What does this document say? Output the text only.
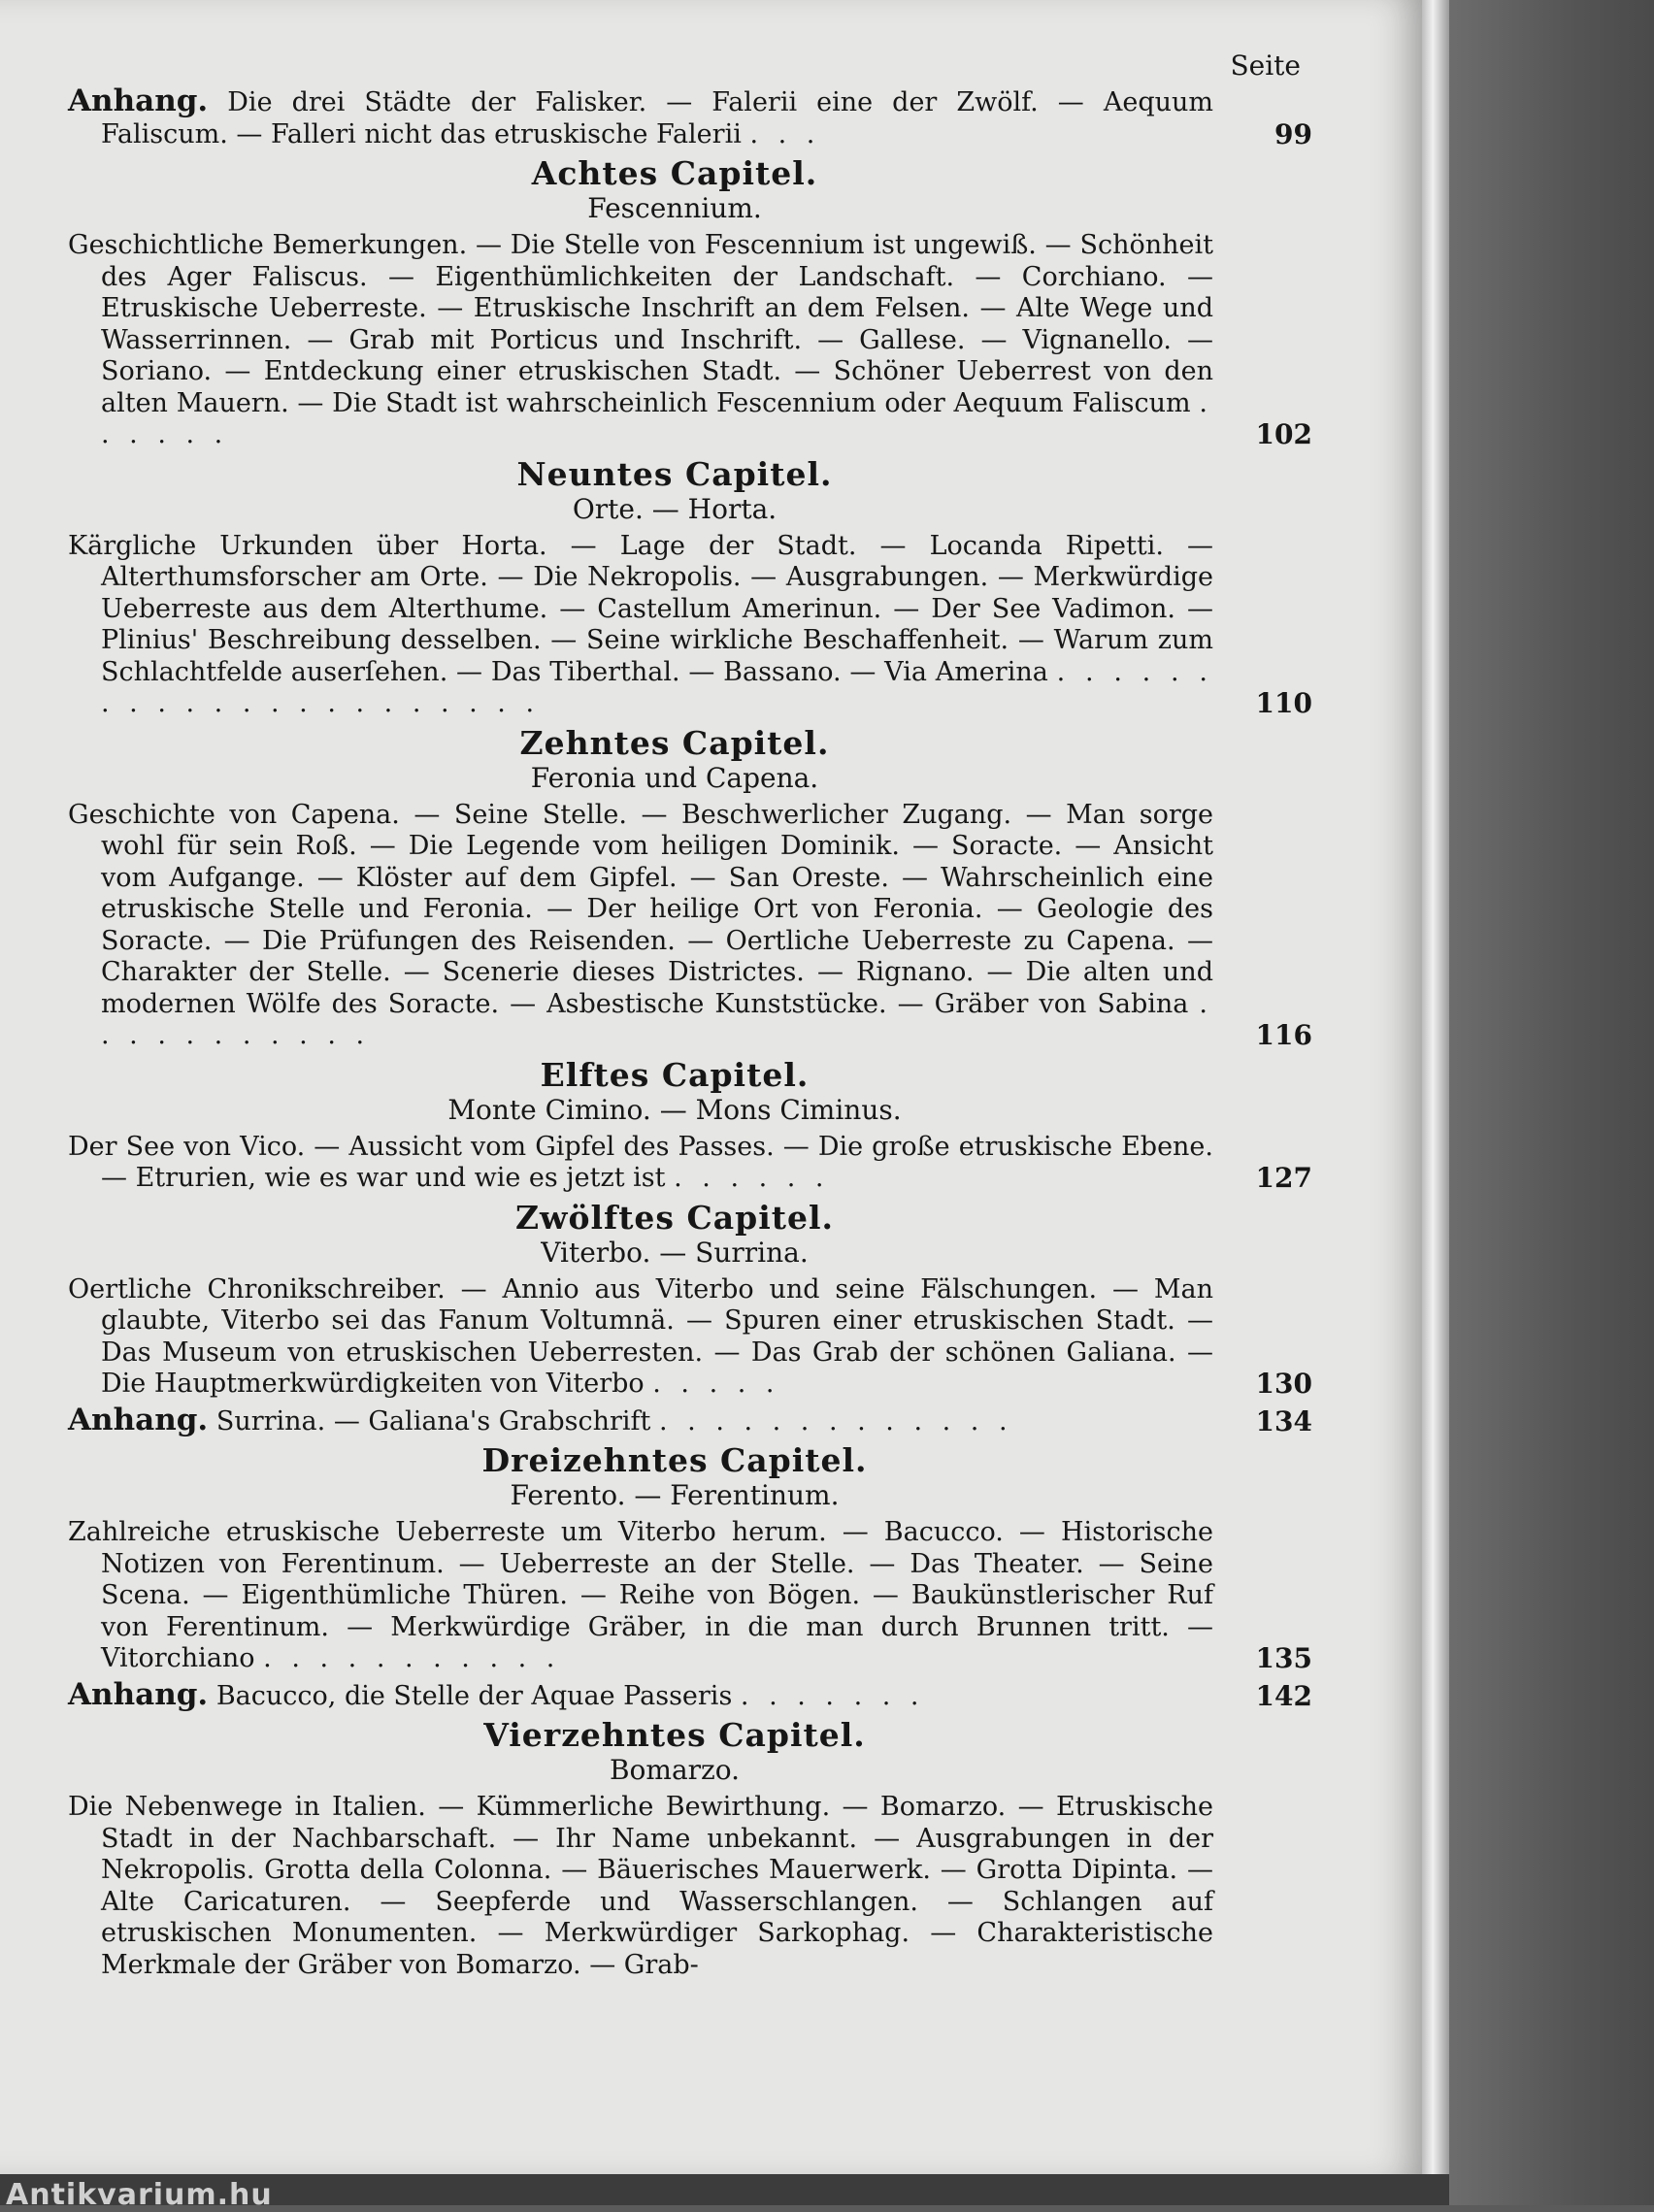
Antikvarium.hu
Seite
Anhang. Die drei Städte der Falisker. — Falerii eine der Zwölf. — Aequum Faliscum. — Falleri nicht das etruskische Falerii . . .	99
Achtes Capitel.
Fescennium.
Geschichtliche Bemerkungen. — Die Stelle von Fescennium ist ungewiß. — Schönheit des Ager Faliscus. — Eigenthümlichkeiten der Landschaft. — Corchiano. — Etruskische Ueberreste. — Etruskische Inschrift an dem Felsen. — Alte Wege und Wasserrinnen. — Grab mit Porticus und Inschrift. — Gallese. — Vignanello. — Soriano. — Entdeckung einer etruskischen Stadt. — Schöner Ueberrest von den alten Mauern. — Die Stadt ist wahrscheinlich Fescennium oder Aequum Faliscum . . . . . .	102
Neuntes Capitel.
Orte. — Horta.
Kärgliche Urkunden über Horta. — Lage der Stadt. — Locanda Ripetti. — Alterthumsforscher am Orte. — Die Nekropolis. — Ausgrabungen. — Merkwürdige Ueberreste aus dem Alterthume. — Castellum Amerinun. — Der See Vadimon. — Plinius' Beschreibung desselben. — Seine wirkliche Beschaffenheit. — Warum zum Schlachtfelde auserſehen. — Das Tiberthal. — Bassano. — Via Amerina . . . . . . . . . . . . . . . . . . . . . .	110
Zehntes Capitel.
Feronia und Capena.
Geschichte von Capena. — Seine Stelle. — Beschwerlicher Zugang. — Man sorge wohl für sein Roß. — Die Legende vom heiligen Dominik. — Soracte. — Ansicht vom Aufgange. — Klöster auf dem Gipfel. — San Oreste. — Wahrscheinlich eine etruskische Stelle und Feronia. — Der heilige Ort von Feronia. — Geologie des Soracte. — Die Prüfungen des Reisenden. — Oertliche Ueberreste zu Capena. — Charakter der Stelle. — Scenerie dieses Districtes. — Rignano. — Die alten und modernen Wölfe des Soracte. — Asbestische Kunststücke. — Gräber von Sabina . . . . . . . . . . .	116
Elftes Capitel.
Monte Cimino. — Mons Ciminus.
Der See von Vico. — Aussicht vom Gipfel des Passes. — Die große etruskische Ebene. — Etrurien, wie es war und wie es jetzt ist . . . . . .	127
Zwölftes Capitel.
Viterbo. — Surrina.
Oertliche Chronikschreiber. — Annio aus Viterbo und seine Fälschungen. — Man glaubte, Viterbo sei das Fanum Voltumnä. — Spuren einer etruskischen Stadt. — Das Museum von etruskischen Ueberresten. — Das Grab der schönen Galiana. — Die Hauptmerkwürdigkeiten von Viterbo . . . . .	130
Anhang. Surrina. — Galiana's Grabschrift . . . . . . . . . . . . .	134
Dreizehntes Capitel.
Ferento. — Ferentinum.
Zahlreiche etruskische Ueberreste um Viterbo herum. — Bacucco. — Historische Notizen von Ferentinum. — Ueberreste an der Stelle. — Das Theater. — Seine Scena. — Eigenthümliche Thüren. — Reihe von Bögen. — Baukünstlerischer Ruf von Ferentinum. — Merkwürdige Gräber, in die man durch Brunnen tritt. — Vitorchiano . . . . . . . . . . .	135
Anhang. Bacucco, die Stelle der Aquae Passeris . . . . . . .	142
Vierzehntes Capitel.
Bomarzo.
Die Nebenwege in Italien. — Kümmerliche Bewirthung. — Bomarzo. — Etruskische Stadt in der Nachbarschaft. — Ihr Name unbekannt. — Ausgrabungen in der Nekropolis. Grotta della Colonna. — Bäuerisches Mauerwerk. — Grotta Dipinta. — Alte Caricaturen. — Seepferde und Wasserschlangen. — Schlangen auf etruskischen Monumenten. — Merkwürdiger Sarkophag. — Charakteristische Merkmale der Gräber von Bomarzo. — Grab-
